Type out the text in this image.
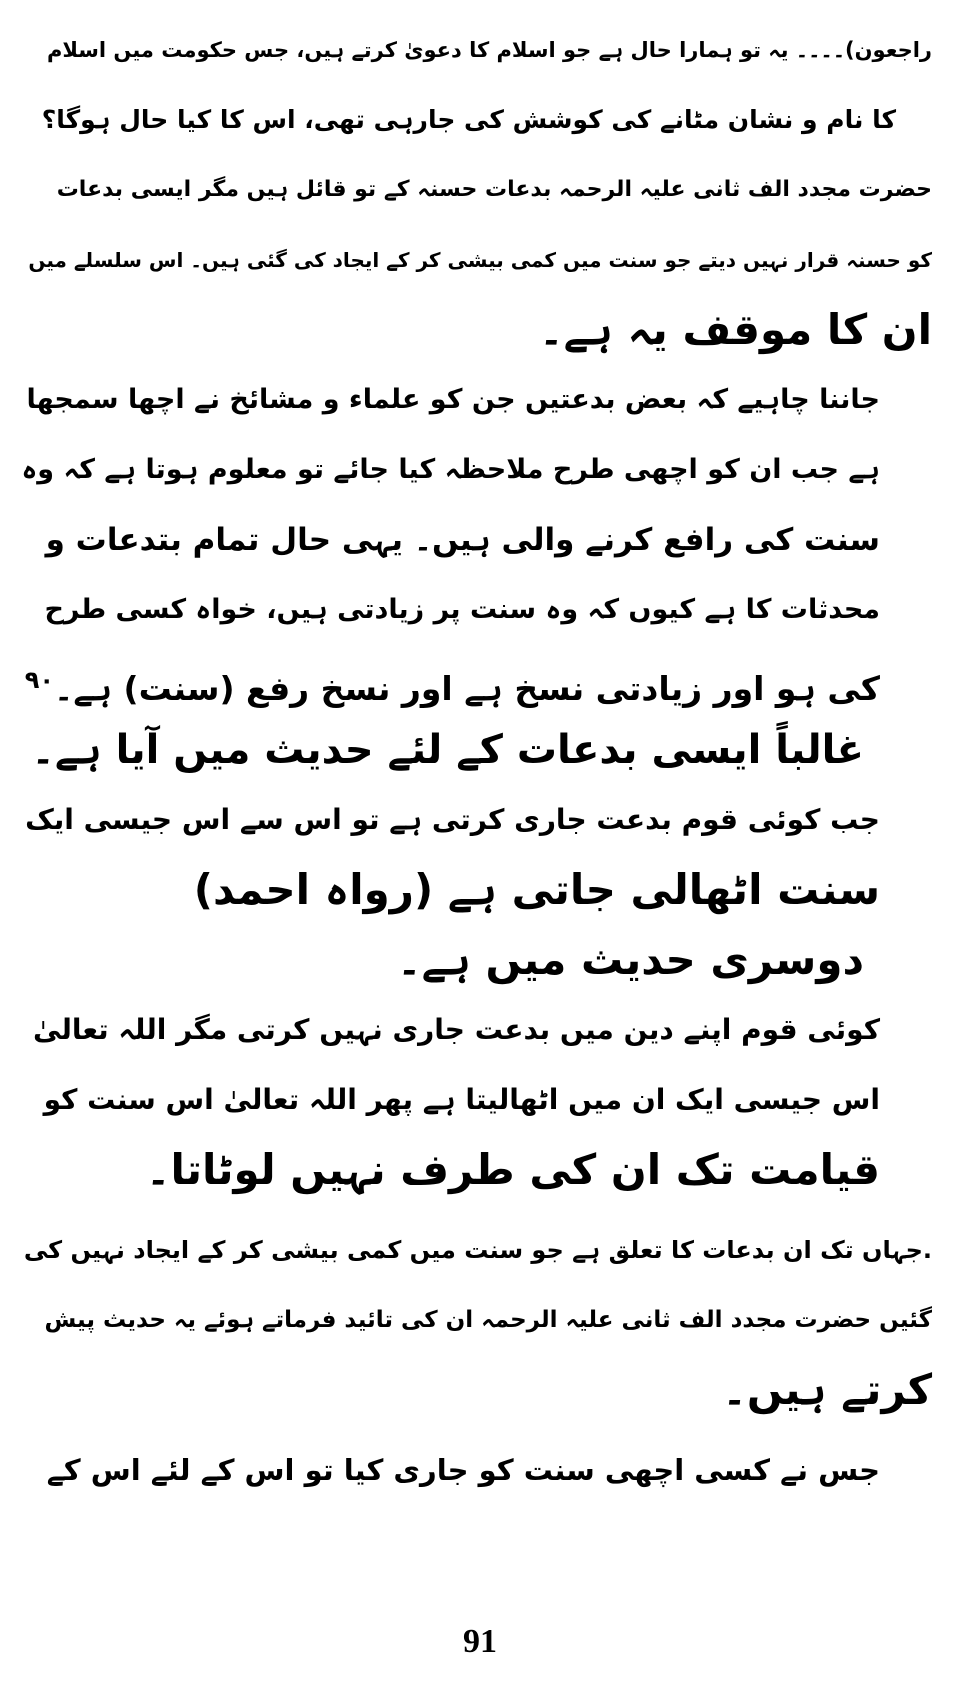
راجعون)۔۔۔۔ یہ تو ہمارا حال ہے جو اسلام کا دعویٰ کرتے ہیں، جس حکومت میں اسلام
کا نام و نشان مٹانے کی کوشش کی جارہی تھی، اس کا کیا حال ہوگا؟
حضرت مجدد الف ثانی علیہ الرحمہ بدعات حسنہ کے تو قائل ہیں مگر ایسی بدعات
کو حسنہ قرار نہیں دیتے جو سنت میں کمی بیشی کر کے ایجاد کی گئی ہیں۔ اس سلسلے میں
ان کا موقف یہ ہے۔
جاننا چاہیے کہ بعض بدعتیں جن کو علماء و مشائخ نے اچھا سمجھا
ہے جب ان کو اچھی طرح ملاحظہ کیا جائے تو معلوم ہوتا ہے کہ وہ
سنت کی رافع کرنے والی ہیں۔ یہی حال تمام بتدعات و
محدثات کا ہے کیوں کہ وہ سنت پر زیادتی ہیں، خواہ کسی طرح
کی ہو اور زیادتی نسخ ہے اور نسخ رفع (سنت) ہے۔$^{٩٠}$
غالباً ایسی بدعات کے لئے حدیث میں آیا ہے۔
جب کوئی قوم بدعت جاری کرتی ہے تو اس سے اس جیسی ایک
سنت اٹھالی جاتی ہے (رواہ احمد)
دوسری حدیث میں ہے۔
کوئی قوم اپنے دین میں بدعت جاری نہیں کرتی مگر اللہ تعالیٰ
اس جیسی ایک ان میں اٹھالیتا ہے پھر اللہ تعالیٰ اس سنت کو
قیامت تک ان کی طرف نہیں لوٹاتا۔
.جہاں تک ان بدعات کا تعلق ہے جو سنت میں کمی بیشی کر کے ایجاد نہیں کی
گئیں حضرت مجدد الف ثانی علیہ الرحمہ ان کی تائید فرماتے ہوئے یہ حدیث پیش
کرتے ہیں۔
جس نے کسی اچھی سنت کو جاری کیا تو اس کے لئے اس کے
91
